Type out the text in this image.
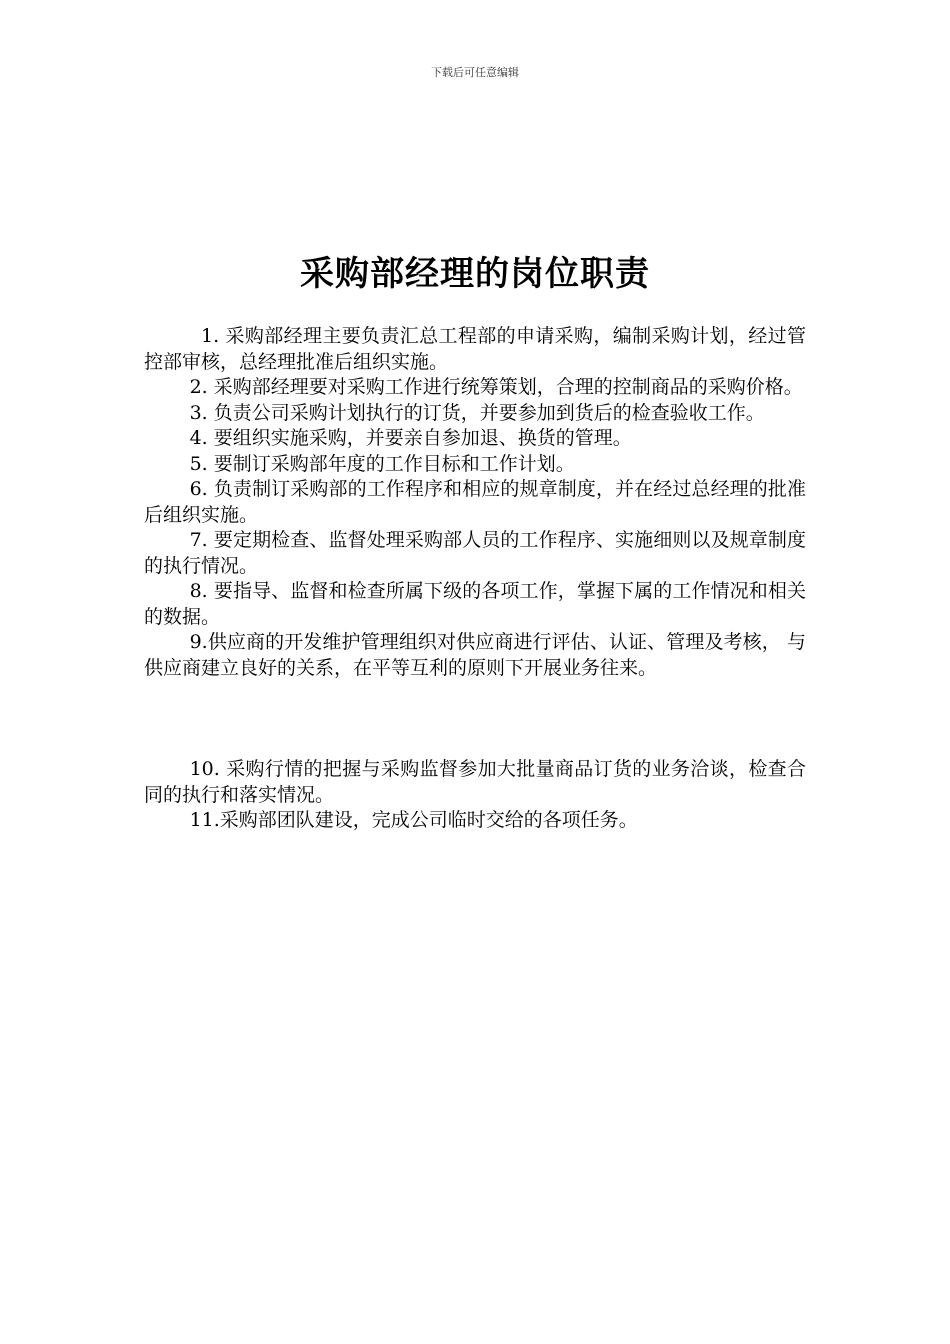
下载后可任意编辑
采购部经理的岗位职责

1. 采购部经理主要负责汇总工程部的申请采购，编制采购计划，经过管控部审核，总经理批准后组织实施。

2. 采购部经理要对采购工作进行统筹策划，合理的控制商品的采购价格。

3. 负责公司采购计划执行的订货，并要参加到货后的检查验收工作。

4. 要组织实施采购，并要亲自参加退、换货的管理。

5. 要制订采购部年度的工作目标和工作计划。

6. 负责制订采购部的工作程序和相应的规章制度，并在经过总经理的批准后组织实施。

7. 要定期检查、监督处理采购部人员的工作程序、实施细则以及规章制度的执行情况。

8. 要指导、监督和检查所属下级的各项工作，掌握下属的工作情况和相关的数据。

9.供应商的开发维护管理组织对供应商进行评估、认证、管理及考核， 与供应商建立良好的关系，在平等互利的原则下开展业务往来。

10. 采购行情的把握与采购监督参加大批量商品订货的业务洽谈，检查合同的执行和落实情况。

11.采购部团队建设，完成公司临时交给的各项任务。
